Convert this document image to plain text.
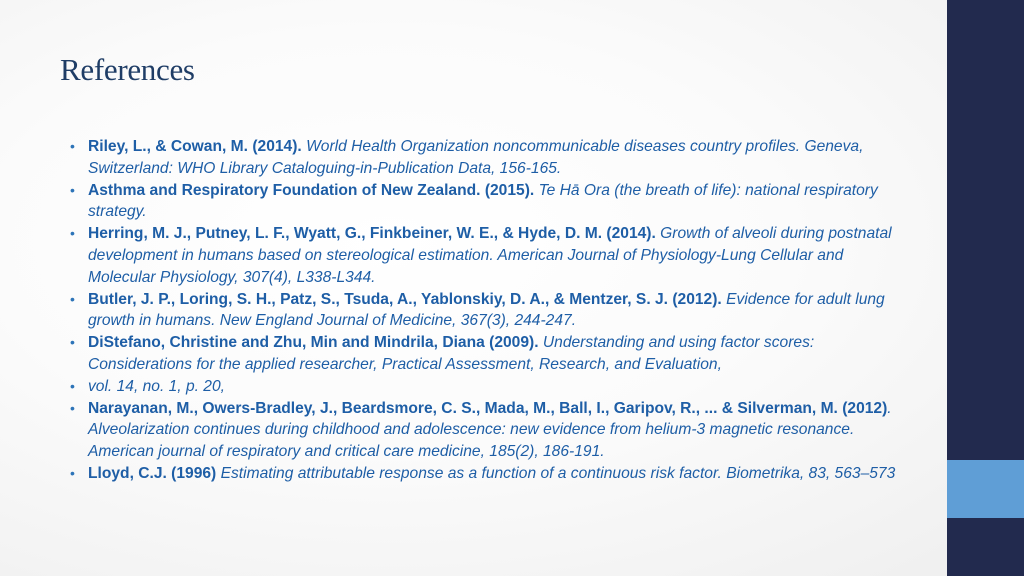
References
• Riley, L., & Cowan, M. (2014). World Health Organization noncommunicable diseases country profiles. Geneva, Switzerland: WHO Library Cataloguing-in-Publication Data, 156-165.
• Asthma and Respiratory Foundation of New Zealand. (2015). Te Hā Ora (the breath of life): national respiratory strategy.
• Herring, M. J., Putney, L. F., Wyatt, G., Finkbeiner, W. E., & Hyde, D. M. (2014). Growth of alveoli during postnatal development in humans based on stereological estimation. American Journal of Physiology-Lung Cellular and Molecular Physiology, 307(4), L338-L344.
• Butler, J. P., Loring, S. H., Patz, S., Tsuda, A., Yablonskiy, D. A., & Mentzer, S. J. (2012). Evidence for adult lung growth in humans. New England Journal of Medicine, 367(3), 244-247.
• DiStefano, Christine and Zhu, Min and Mindrila, Diana (2009). Understanding and using factor scores: Considerations for the applied researcher, Practical Assessment, Research, and Evaluation,
• vol. 14, no. 1, p. 20,
• Narayanan, M., Owers-Bradley, J., Beardsmore, C. S., Mada, M., Ball, I., Garipov, R., ... & Silverman, M. (2012). Alveolarization continues during childhood and adolescence: new evidence from helium-3 magnetic resonance. American journal of respiratory and critical care medicine, 185(2), 186-191.
• Lloyd, C.J. (1996) Estimating attributable response as a function of a continuous risk factor. Biometrika, 83, 563–573
